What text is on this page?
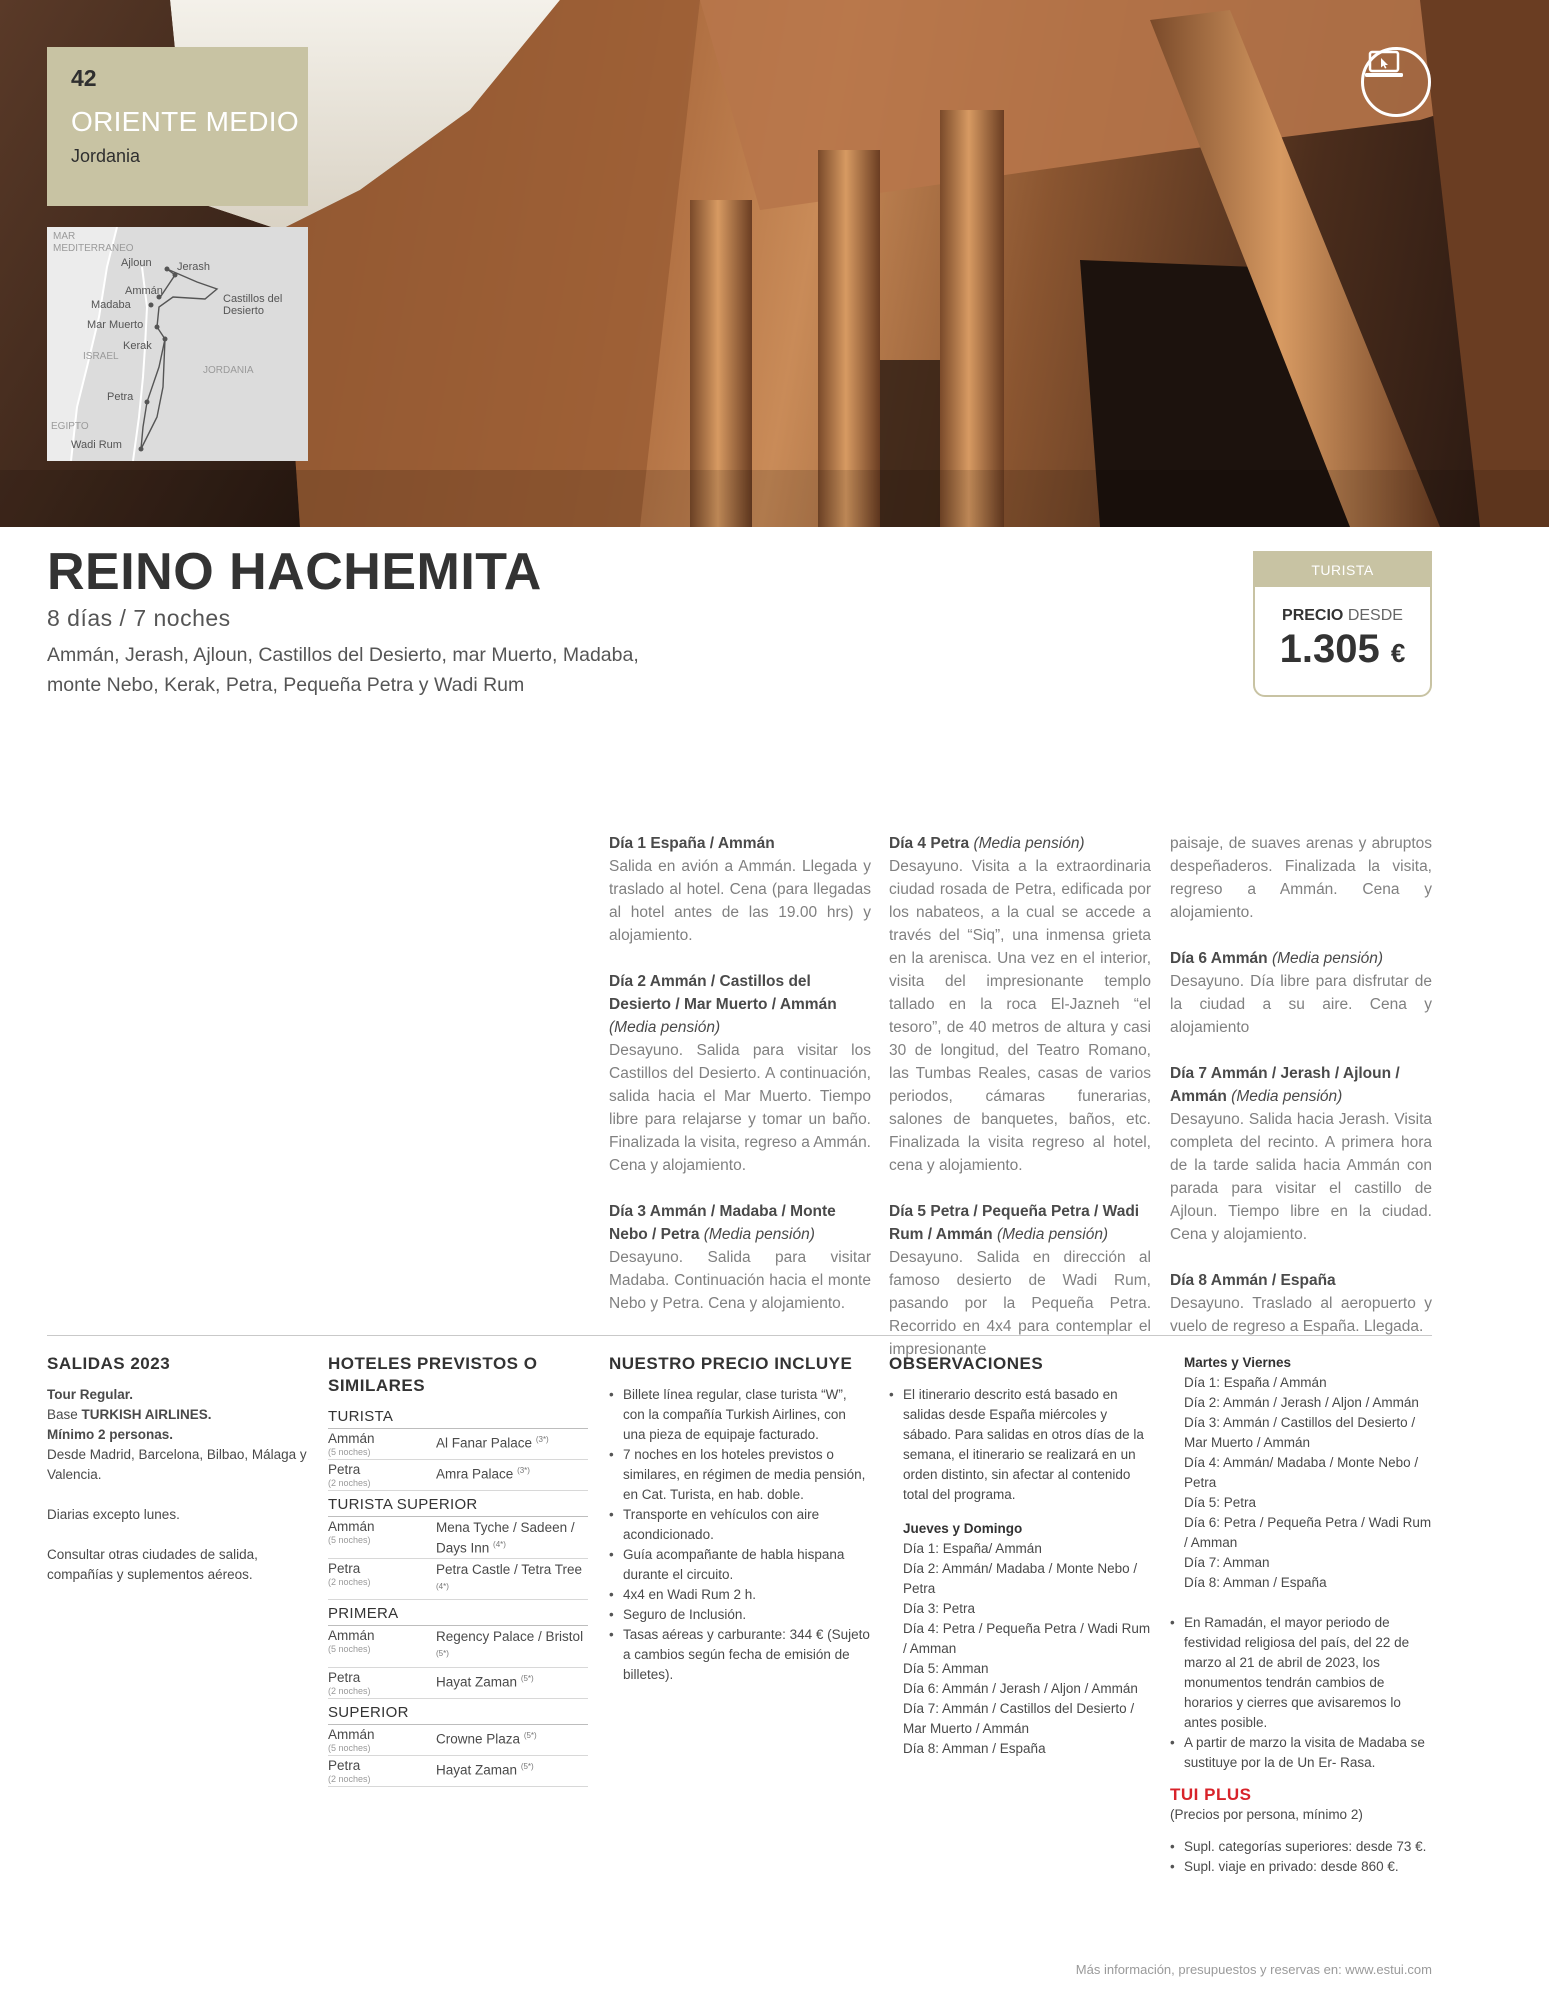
42
ORIENTE MEDIO
Jordania
MAR
MEDITERRANEO
ISRAEL
JORDANIA
EGIPTO
Ajloun Jerash
Ammán
Madaba	Castillos del Desierto
Mar Muerto
Kerak
Petra
Wadi Rum
REINO HACHEMITA
8 días / 7 noches
Ammán, Jerash, Ajloun, Castillos del Desierto, mar Muerto, Madaba, monte Nebo, Kerak, Petra, Pequeña Petra y Wadi Rum
TURISTA
PRECIO DESDE
1.305 €
Día 1 España / Ammán
Salida en avión a Ammán. Llegada y traslado al hotel. Cena (para llegadas al hotel antes de las 19.00 hrs) y alojamiento.
Día 2 Ammán / Castillos del Desierto / Mar Muerto / Ammán (Media pensión)
Desayuno. Salida para visitar los Castillos del Desierto. A continuación, salida hacia el Mar Muerto. Tiempo libre para relajarse y tomar un baño. Finalizada la visita, regreso a Ammán. Cena y alojamiento.
Día 3 Ammán / Madaba / Monte Nebo / Petra (Media pensión)
Desayuno. Salida para visitar Madaba. Continuación hacia el monte Nebo y Petra. Cena y alojamiento.
Día 4 Petra (Media pensión)
Desayuno. Visita a la extraordinaria ciudad rosada de Petra, edificada por los nabateos, a la cual se accede a través del “Siq”, una inmensa grieta en la arenisca. Una vez en el interior, visita del impresionante templo tallado en la roca El-Jazneh “el tesoro”, de 40 metros de altura y casi 30 de longitud, del Teatro Romano, las Tumbas Reales, casas de varios periodos, cámaras funerarias, salones de banquetes, baños, etc. Finalizada la visita regreso al hotel, cena y alojamiento.
Día 5 Petra / Pequeña Petra / Wadi Rum / Ammán (Media pensión)
Desayuno. Salida en dirección al famoso desierto de Wadi Rum, pasando por la Pequeña Petra. Recorrido en 4x4 para contemplar el impresionante
paisaje, de suaves arenas y abruptos despeñaderos. Finalizada la visita, regreso a Ammán. Cena y alojamiento.
Día 6 Ammán (Media pensión)
Desayuno. Día libre para disfrutar de la ciudad a su aire. Cena y alojamiento
Día 7 Ammán / Jerash / Ajloun / Ammán (Media pensión)
Desayuno. Salida hacia Jerash. Visita completa del recinto. A primera hora de la tarde salida hacia Ammán con parada para visitar el castillo de Ajloun. Tiempo libre en la ciudad. Cena y alojamiento.
Día 8 Ammán / España
Desayuno. Traslado al aeropuerto y vuelo de regreso a España. Llegada.
SALIDAS 2023

Tour Regular.

Base TURKISH AIRLINES.

Mínimo 2 personas.

Desde Madrid, Barcelona, Bilbao, Málaga y Valencia.

Diarias excepto lunes.

Consultar otras ciudades de salida, compañías y suplementos aéreos.

HOTELES PREVISTOS O SIMILARES
TURISTA
Ammán
(5 noches)
Al Fanar Palace $^{(3*)}$
Petra
(2 noches)
Amra Palace $^{(3*)}$
TURISTA SUPERIOR
Ammán
(5 noches)
Mena Tyche / Sadeen / Days Inn $^{(4*)}$
Petra
(2 noches)
Petra Castle / Tetra Tree $^{(4*)}$
PRIMERA
Ammán
(5 noches)
Regency Palace / Bristol $^{(5*)}$
Petra
(2 noches)
Hayat Zaman $^{(5*)}$
SUPERIOR
Ammán
(5 noches)
Crowne Plaza $^{(5*)}$
Petra
(2 noches)
Hayat Zaman $^{(5*)}$
NUESTRO PRECIO INCLUYE
• Billete línea regular, clase turista “W”, con la compañía Turkish Airlines, con una pieza de equipaje facturado.
• 7 noches en los hoteles previstos o similares, en régimen de media pensión, en Cat. Turista, en hab. doble.
• Transporte en vehículos con aire acondicionado.
• Guía acompañante de habla hispana durante el circuito.
• 4x4 en Wadi Rum 2 h.
• Seguro de Inclusión.
• Tasas aéreas y carburante: 344 € (Sujeto a cambios según fecha de emisión de billetes).
OBSERVACIONES
• El itinerario descrito está basado en salidas desde España miércoles y sábado. Para salidas en otros días de la semana, el itinerario se realizará en un orden distinto, sin afectar al contenido total del programa.
Jueves y Domingo
Día 1: España/ Ammán
Día 2: Ammán/ Madaba / Monte Nebo / Petra
Día 3: Petra
Día 4: Petra / Pequeña Petra / Wadi Rum / Amman
Día 5: Amman
Día 6: Ammán / Jerash / Aljon / Ammán
Día 7: Ammán / Castillos del Desierto / Mar Muerto / Ammán
Día 8: Amman / España
Martes y Viernes
Día 1: España / Ammán
Día 2: Ammán / Jerash / Aljon / Ammán
Día 3: Ammán / Castillos del Desierto / Mar Muerto / Ammán
Día 4: Ammán/ Madaba / Monte Nebo / Petra
Día 5: Petra
Día 6: Petra / Pequeña Petra / Wadi Rum / Amman
Día 7: Amman
Día 8: Amman / España
• En Ramadán, el mayor periodo de festividad religiosa del país, del 22 de marzo al 21 de abril de 2023, los monumentos tendrán cambios de horarios y cierres que avisaremos lo antes posible.
• A partir de marzo la visita de Madaba se sustituye por la de Un Er- Rasa.
TUI PLUS
(Precios por persona, mínimo 2)
• Supl. categorías superiores: desde 73 €.
• Supl. viaje en privado: desde 860 €.
Más información, presupuestos y reservas en: www.estui.com
